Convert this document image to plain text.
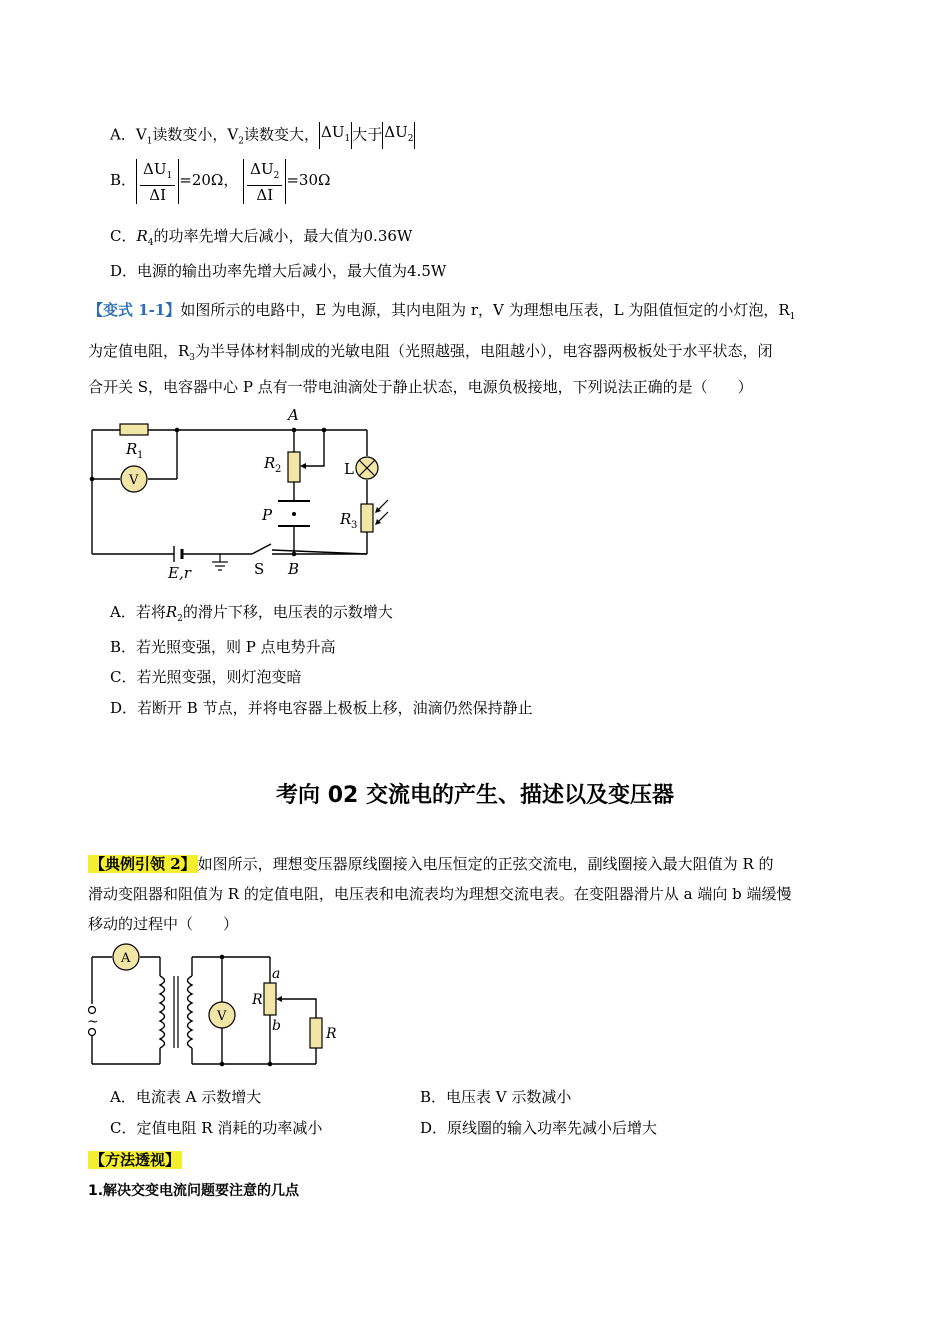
A．$V_1$读数变小，$V_2$读数变大， $\Delta U_1$ 大于 $\Delta U_2$
B． $\frac{\Delta U_1}{\Delta I} =20\Omega$， $\frac{\Delta U_2}{\Delta I} =30\Omega$
C．$R_4$的功率先增大后减小，最大值为0.36W
D．电源的输出功率先增大后减小，最大值为4.5W
【变式 1-1】如图所示的电路中，E 为电源，其内电阻为 r，V 为理想电压表，L 为阻值恒定的小灯泡，$R_1$
为定值电阻，$R_3$为半导体材料制成的光敏电阻（光照越强，电阻越小），电容器两极板处于水平状态，闭
合开关 S，电容器中心 P 点有一带电油滴处于静止状态，电源负极接地，下列说法正确的是（　　）
A
R 1
V
R 2	L
P	R 3
E,r	S B
A．若将$R_2$的滑片下移，电压表的示数增大
B．若光照变强，则 P 点电势升高
C．若光照变强，则灯泡变暗
D．若断开 B 节点，并将电容器上极板上移，油滴仍然保持静止
考向 02 交流电的产生、描述以及变压器
【典例引领 2】 如图所示，理想变压器原线圈接入电压恒定的正弦交流电，副线圈接入最大阻值为 R 的
滑动变阻器和阻值为 R 的定值电阻，电压表和电流表均为理想交流电表。在变阻器滑片从 a 端向 b 端缓慢
移动的过程中（　　）
A
~	V
a
R
b	R
A．电流表 A 示数增大	B．电压表 V 示数减小
C．定值电阻 R 消耗的功率减小	D．原线圈的输入功率先减小后增大
【方法透视】
1.解决交变电流问题要注意的几点
